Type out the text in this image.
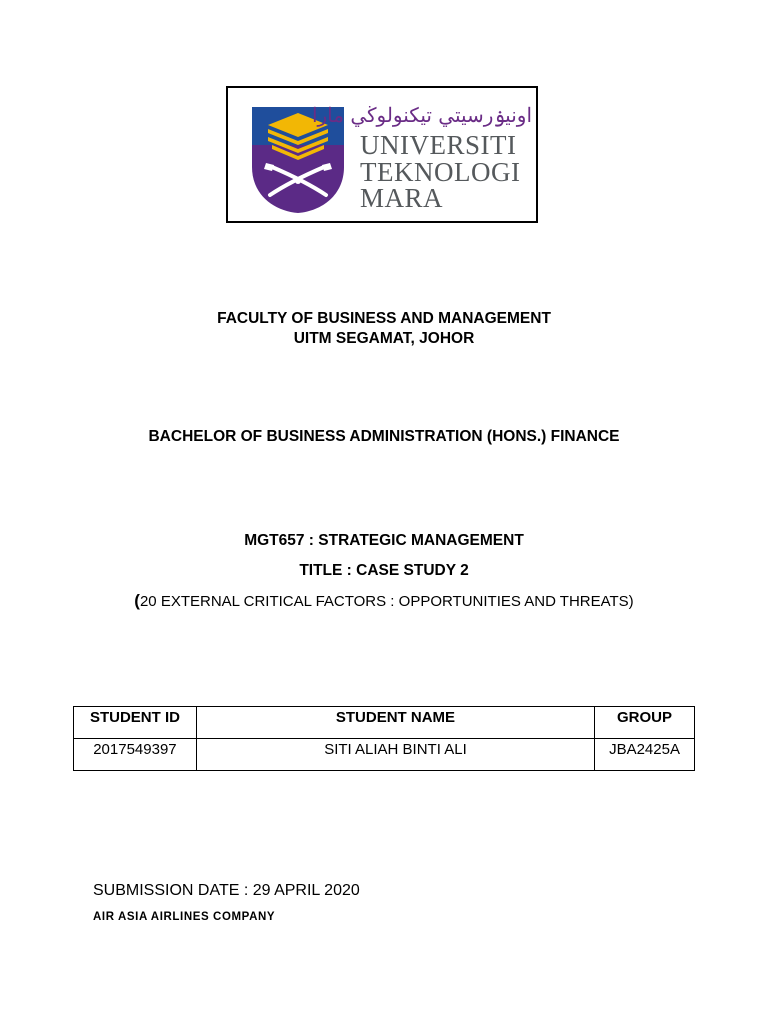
اونيۏرسيتي تيكنولوڬي مارا
UNIVERSITI
TEKNOLOGI
MARA
FACULTY OF BUSINESS AND MANAGEMENT
UITM SEGAMAT, JOHOR
BACHELOR OF BUSINESS ADMINISTRATION (HONS.) FINANCE
MGT657 : STRATEGIC MANAGEMENT
TITLE : CASE STUDY 2
(20 EXTERNAL CRITICAL FACTORS : OPPORTUNITIES AND THREATS)
STUDENT ID	STUDENT NAME	GROUP
2017549397	SITI ALIAH BINTI ALI	JBA2425A
SUBMISSION DATE : 29 APRIL 2020
AIR ASIA AIRLINES COMPANY
